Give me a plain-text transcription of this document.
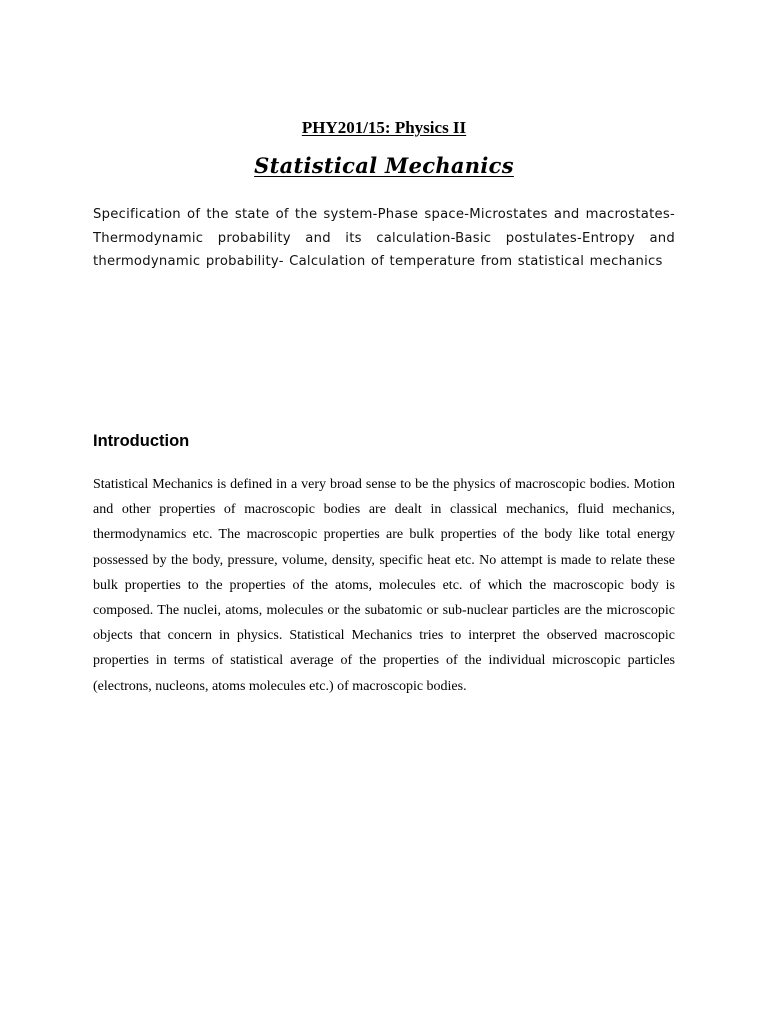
PHY201/15: Physics II
Statistical Mechanics
Specification of the state of the system-Phase space-Microstates and macrostates-Thermodynamic probability and its calculation-Basic postulates-Entropy and thermodynamic probability- Calculation of temperature from statistical mechanics
Introduction
Statistical Mechanics is defined in a very broad sense to be the physics of macroscopic bodies. Motion and other properties of macroscopic bodies are dealt in classical mechanics, fluid mechanics, thermodynamics etc. The macroscopic properties are bulk properties of the body like total energy possessed by the body, pressure, volume, density, specific heat etc. No attempt is made to relate these bulk properties to the properties of the atoms, molecules etc. of which the macroscopic body is composed. The nuclei, atoms, molecules or the subatomic or sub-nuclear particles are the microscopic objects that concern in physics. Statistical Mechanics tries to interpret the observed macroscopic properties in terms of statistical average of the properties of the individual microscopic particles (electrons, nucleons, atoms molecules etc.) of macroscopic bodies.
